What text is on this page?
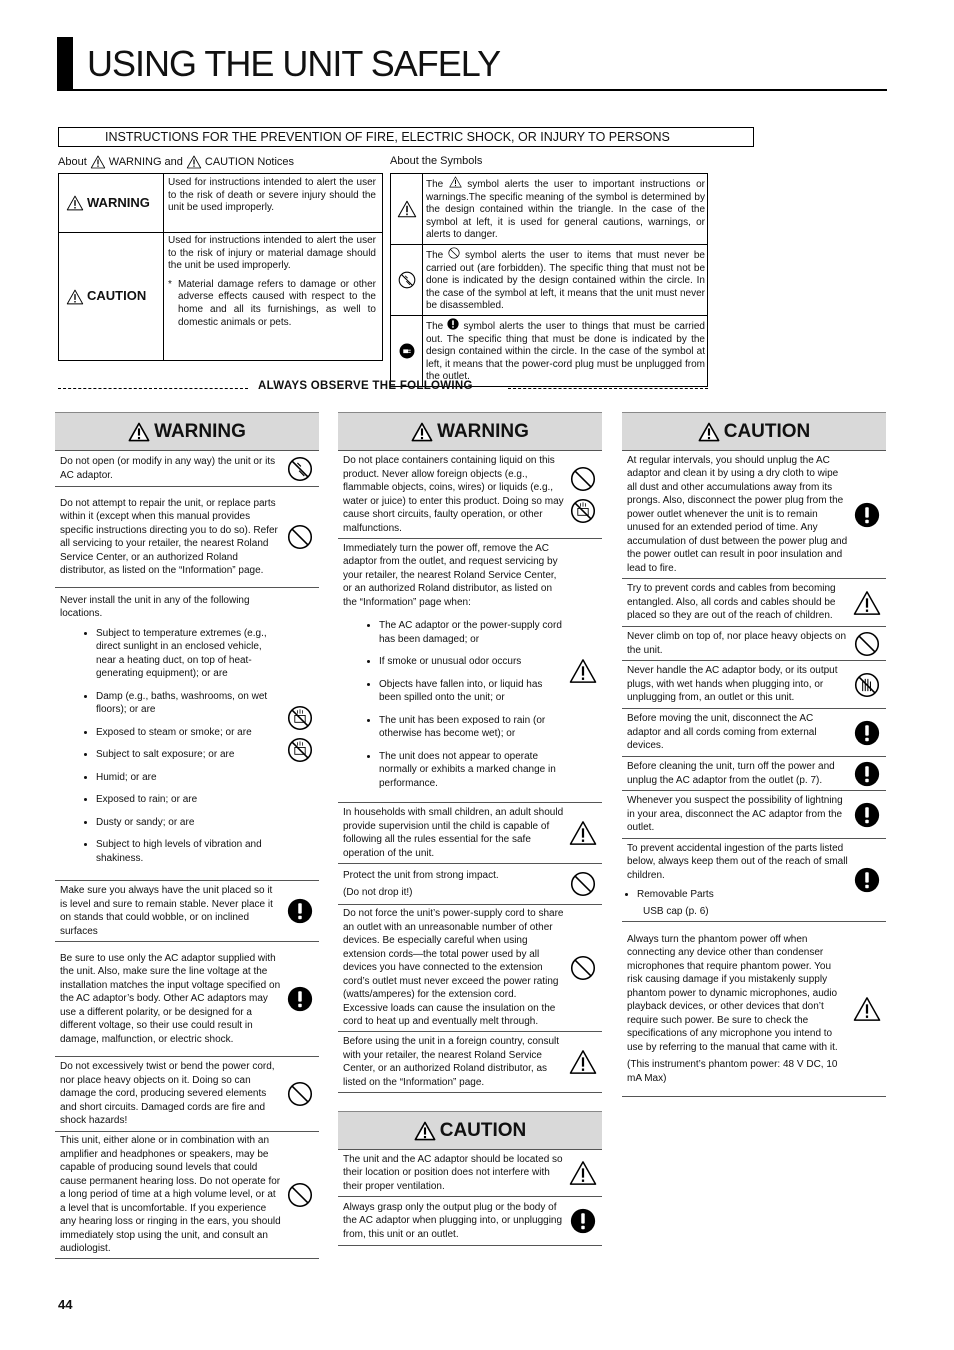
USING THE UNIT SAFELY
INSTRUCTIONS FOR THE PREVENTION OF FIRE, ELECTRIC SHOCK, OR INJURY TO PERSONS
About WARNING and CAUTION Notices	About the Symbols
WARNING	Used for instructions intended to alert the user to the risk of death or severe injury should the unit be used improperly.

CAUTION	Used for instructions intended to alert the user to the risk of injury or material damage should the unit be used improperly.
* Material damage refers to damage or other adverse effects caused with respect to the home and all its furnishings, as well to domestic animals or pets.
	The symbol alerts the user to important instructions or warnings.The specific meaning of the symbol is determined by the design contained within the triangle. In the case of the symbol at left, it is used for general cautions, warnings, or alerts to danger.

	The symbol alerts the user to items that must never be carried out (are forbidden). The specific thing that must not be done is indicated by the design contained within the circle. In the case of the symbol at left, it means that the unit must never be disassembled.

	The symbol alerts the user to things that must be carried out. The specific thing that must be done is indicated by the design contained within the circle. In the case of the symbol at left, it means that the power-cord plug must be unplugged from the outlet.
ALWAYS OBSERVE THE FOLLOWING
WARNING
Do not open (or modify in any way) the unit or its AC adaptor.
Do not attempt to repair the unit, or replace parts within it (except when this manual provides specific instructions directing you to do so). Refer all servicing to your retailer, the nearest Roland Service Center, or an authorized Roland distributor, as listed on the “Information” page.

Never install the unit in any of the following locations.

• Subject to temperature extremes (e.g., direct sunlight in an enclosed vehicle, near a heating duct, on top of heat-generating equipment); or are
• Damp (e.g., baths, washrooms, on wet floors); or are
• Exposed to steam or smoke; or are
• Subject to salt exposure; or are
• Humid; or are
• Exposed to rain; or are
• Dusty or sandy; or are
• Subject to high levels of vibration and shakiness.
Make sure you always have the unit placed so it is level and sure to remain stable. Never place it on stands that could wobble, or on inclined surfaces
Be sure to use only the AC adaptor supplied with the unit. Also, make sure the line voltage at the installation matches the input voltage specified on the AC adaptor’s body. Other AC adaptors may use a different polarity, or be designed for a different voltage, so their use could result in damage, malfunction, or electric shock.
Do not excessively twist or bend the power cord, nor place heavy objects on it. Doing so can damage the cord, producing severed elements and short circuits. Damaged cords are fire and shock hazards!
This unit, either alone or in combination with an amplifier and headphones or speakers, may be capable of producing sound levels that could cause permanent hearing loss. Do not operate for a long period of time at a high volume level, or at a level that is uncomfortable. If you experience any hearing loss or ringing in the ears, you should immediately stop using the unit, and consult an audiologist.
WARNING
Do not place containers containing liquid on this product. Never allow foreign objects (e.g., flammable objects, coins, wires) or liquids (e.g., water or juice) to enter this product. Doing so may cause short circuits, faulty operation, or other malfunctions.

Immediately turn the power off, remove the AC adaptor from the outlet, and request servicing by your retailer, the nearest Roland Service Center, or an authorized Roland distributor, as listed on the “Information” page when:

• The AC adaptor or the power-supply cord has been damaged; or
• If smoke or unusual odor occurs
• Objects have fallen into, or liquid has been spilled onto the unit; or
• The unit has been exposed to rain (or otherwise has become wet); or
• The unit does not appear to operate normally or exhibits a marked change in performance.
In households with small children, an adult should provide supervision until the child is capable of following all the rules essential for the safe operation of the unit.
Protect the unit from strong impact.
(Do not drop it!)
Do not force the unit’s power-supply cord to share an outlet with an unreasonable number of other devices. Be especially careful when using extension cords—the total power used by all devices you have connected to the extension cord’s outlet must never exceed the power rating (watts/amperes) for the extension cord. Excessive loads can cause the insulation on the cord to heat up and eventually melt through.
Before using the unit in a foreign country, consult with your retailer, the nearest Roland Service Center, or an authorized Roland distributor, as listed on the “Information” page.
CAUTION
The unit and the AC adaptor should be located so their location or position does not interfere with their proper ventilation.
Always grasp only the output plug or the body of the AC adaptor when plugging into, or unplugging from, this unit or an outlet.
CAUTION
At regular intervals, you should unplug the AC adaptor and clean it by using a dry cloth to wipe all dust and other accumulations away from its prongs. Also, disconnect the power plug from the power outlet whenever the unit is to remain unused for an extended period of time. Any accumulation of dust between the power plug and the power outlet can result in poor insulation and lead to fire.
Try to prevent cords and cables from becoming entangled. Also, all cords and cables should be placed so they are out of the reach of children.
Never climb on top of, nor place heavy objects on the unit.
Never handle the AC adaptor body, or its output plugs, with wet hands when plugging into, or unplugging from, an outlet or this unit.
Before moving the unit, disconnect the AC adaptor and all cords coming from external devices.
Before cleaning the unit, turn off the power and unplug the AC adaptor from the outlet (p. 7).
Whenever you suspect the possibility of lightning in your area, disconnect the AC adaptor from the outlet.
To prevent accidental ingestion of the parts listed below, always keep them out of the reach of small children.
• Removable Parts
USB cap (p. 6)
Always turn the phantom power off when connecting any device other than condenser microphones that require phantom power. You risk causing damage if you mistakenly supply phantom power to dynamic microphones, audio playback devices, or other devices that don’t require such power. Be sure to check the specifications of any microphone you intend to use by referring to the manual that came with it.
(This instrument’s phantom power: 48 V DC, 10 mA Max)
44
